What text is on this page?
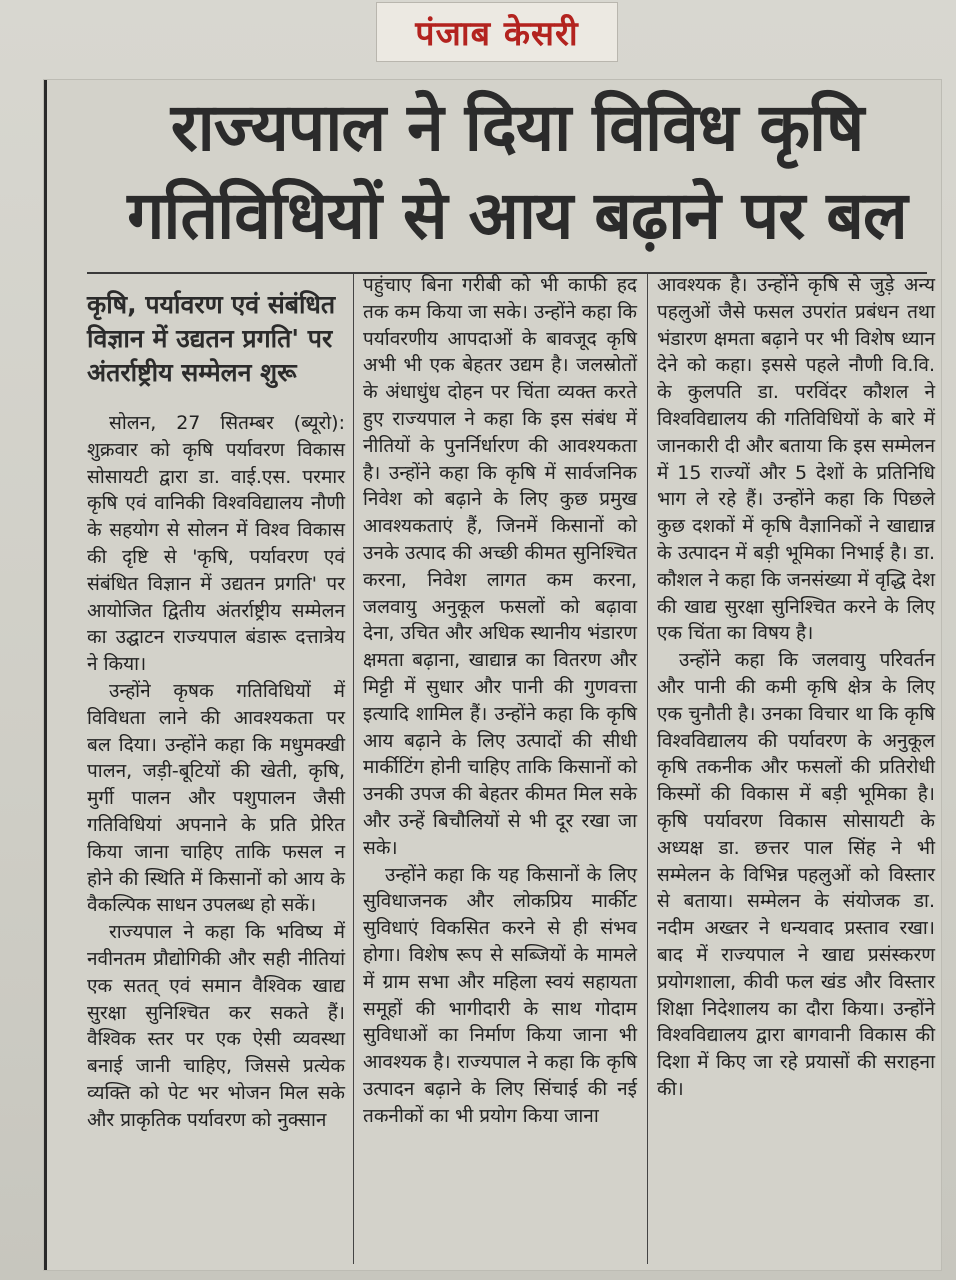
पंजाब केसरी
राज्यपाल ने दिया विविध कृषि
गतिविधियों से आय बढ़ाने पर बल
कृषि, पर्यावरण एवं संबंधित विज्ञान में उद्यतन प्रगति' पर अंतर्राष्ट्रीय सम्मेलन शुरू

सोलन, 27 सितम्बर (ब्यूरो): शुक्रवार को कृषि पर्यावरण विकास सोसायटी द्वारा डा. वाई.एस. परमार कृषि एवं वानिकी विश्वविद्यालय नौणी के सहयोग से सोलन में विश्व विकास की दृष्टि से 'कृषि, पर्यावरण एवं संबंधित विज्ञान में उद्यतन प्रगति' पर आयोजित द्वितीय अंतर्राष्ट्रीय सम्मेलन का उद्घाटन राज्यपाल बंडारू दत्तात्रेय ने किया।

उन्होंने कृषक गतिविधियों में विविधता लाने की आवश्यकता पर बल दिया। उन्होंने कहा कि मधुमक्खी पालन, जड़ी-बूटियों की खेती, कृषि, मुर्गी पालन और पशुपालन जैसी गतिविधियां अपनाने के प्रति प्रेरित किया जाना चाहिए ताकि फसल न होने की स्थिति में किसानों को आय के वैकल्पिक साधन उपलब्ध हो सकें।

राज्यपाल ने कहा कि भविष्य में नवीनतम प्रौद्योगिकी और सही नीतियां एक सतत् एवं समान वैश्विक खाद्य सुरक्षा सुनिश्चित कर सकते हैं। वैश्विक स्तर पर एक ऐसी व्यवस्था बनाई जानी चाहिए, जिससे प्रत्येक व्यक्ति को पेट भर भोजन मिल सके और प्राकृतिक पर्यावरण को नुक्सान

पहुंचाए बिना गरीबी को भी काफी हद तक कम किया जा सके। उन्होंने कहा कि पर्यावरणीय आपदाओं के बावजूद कृषि अभी भी एक बेहतर उद्यम है। जलस्रोतों के अंधाधुंध दोहन पर चिंता व्यक्त करते हुए राज्यपाल ने कहा कि इस संबंध में नीतियों के पुनर्निर्धारण की आवश्यकता है। उन्होंने कहा कि कृषि में सार्वजनिक निवेश को बढ़ाने के लिए कुछ प्रमुख आवश्यकताएं हैं, जिनमें किसानों को उनके उत्पाद की अच्छी कीमत सुनिश्चित करना, निवेश लागत कम करना, जलवायु अनुकूल फसलों को बढ़ावा देना, उचित और अधिक स्थानीय भंडारण क्षमता बढ़ाना, खाद्यान्न का वितरण और मिट्टी में सुधार और पानी की गुणवत्ता इत्यादि शामिल हैं। उन्होंने कहा कि कृषि आय बढ़ाने के लिए उत्पादों की सीधी मार्कीटिंग होनी चाहिए ताकि किसानों को उनकी उपज की बेहतर कीमत मिल सके और उन्हें बिचौलियों से भी दूर रखा जा सके।

उन्होंने कहा कि यह किसानों के लिए सुविधाजनक और लोकप्रिय मार्कीट सुविधाएं विकसित करने से ही संभव होगा। विशेष रूप से सब्जियों के मामले में ग्राम सभा और महिला स्वयं सहायता समूहों की भागीदारी के साथ गोदाम सुविधाओं का निर्माण किया जाना भी आवश्यक है। राज्यपाल ने कहा कि कृषि उत्पादन बढ़ाने के लिए सिंचाई की नई तकनीकों का भी प्रयोग किया जाना

आवश्यक है। उन्होंने कृषि से जुड़े अन्य पहलुओं जैसे फसल उपरांत प्रबंधन तथा भंडारण क्षमता बढ़ाने पर भी विशेष ध्यान देने को कहा। इससे पहले नौणी वि.वि. के कुलपति डा. परविंदर कौशल ने विश्वविद्यालय की गतिविधियों के बारे में जानकारी दी और बताया कि इस सम्मेलन में 15 राज्यों और 5 देशों के प्रतिनिधि भाग ले रहे हैं। उन्होंने कहा कि पिछले कुछ दशकों में कृषि वैज्ञानिकों ने खाद्यान्न के उत्पादन में बड़ी भूमिका निभाई है। डा. कौशल ने कहा कि जनसंख्या में वृद्धि देश की खाद्य सुरक्षा सुनिश्चित करने के लिए एक चिंता का विषय है।

उन्होंने कहा कि जलवायु परिवर्तन और पानी की कमी कृषि क्षेत्र के लिए एक चुनौती है। उनका विचार था कि कृषि विश्वविद्यालय की पर्यावरण के अनुकूल कृषि तकनीक और फसलों की प्रतिरोधी किस्मों की विकास में बड़ी भूमिका है। कृषि पर्यावरण विकास सोसायटी के अध्यक्ष डा. छत्तर पाल सिंह ने भी सम्मेलन के विभिन्न पहलुओं को विस्तार से बताया। सम्मेलन के संयोजक डा. नदीम अख्तर ने धन्यवाद प्रस्ताव रखा। बाद में राज्यपाल ने खाद्य प्रसंस्करण प्रयोगशाला, कीवी फल खंड और विस्तार शिक्षा निदेशालय का दौरा किया। उन्होंने विश्वविद्यालय द्वारा बागवानी विकास की दिशा में किए जा रहे प्रयासों की सराहना की।
